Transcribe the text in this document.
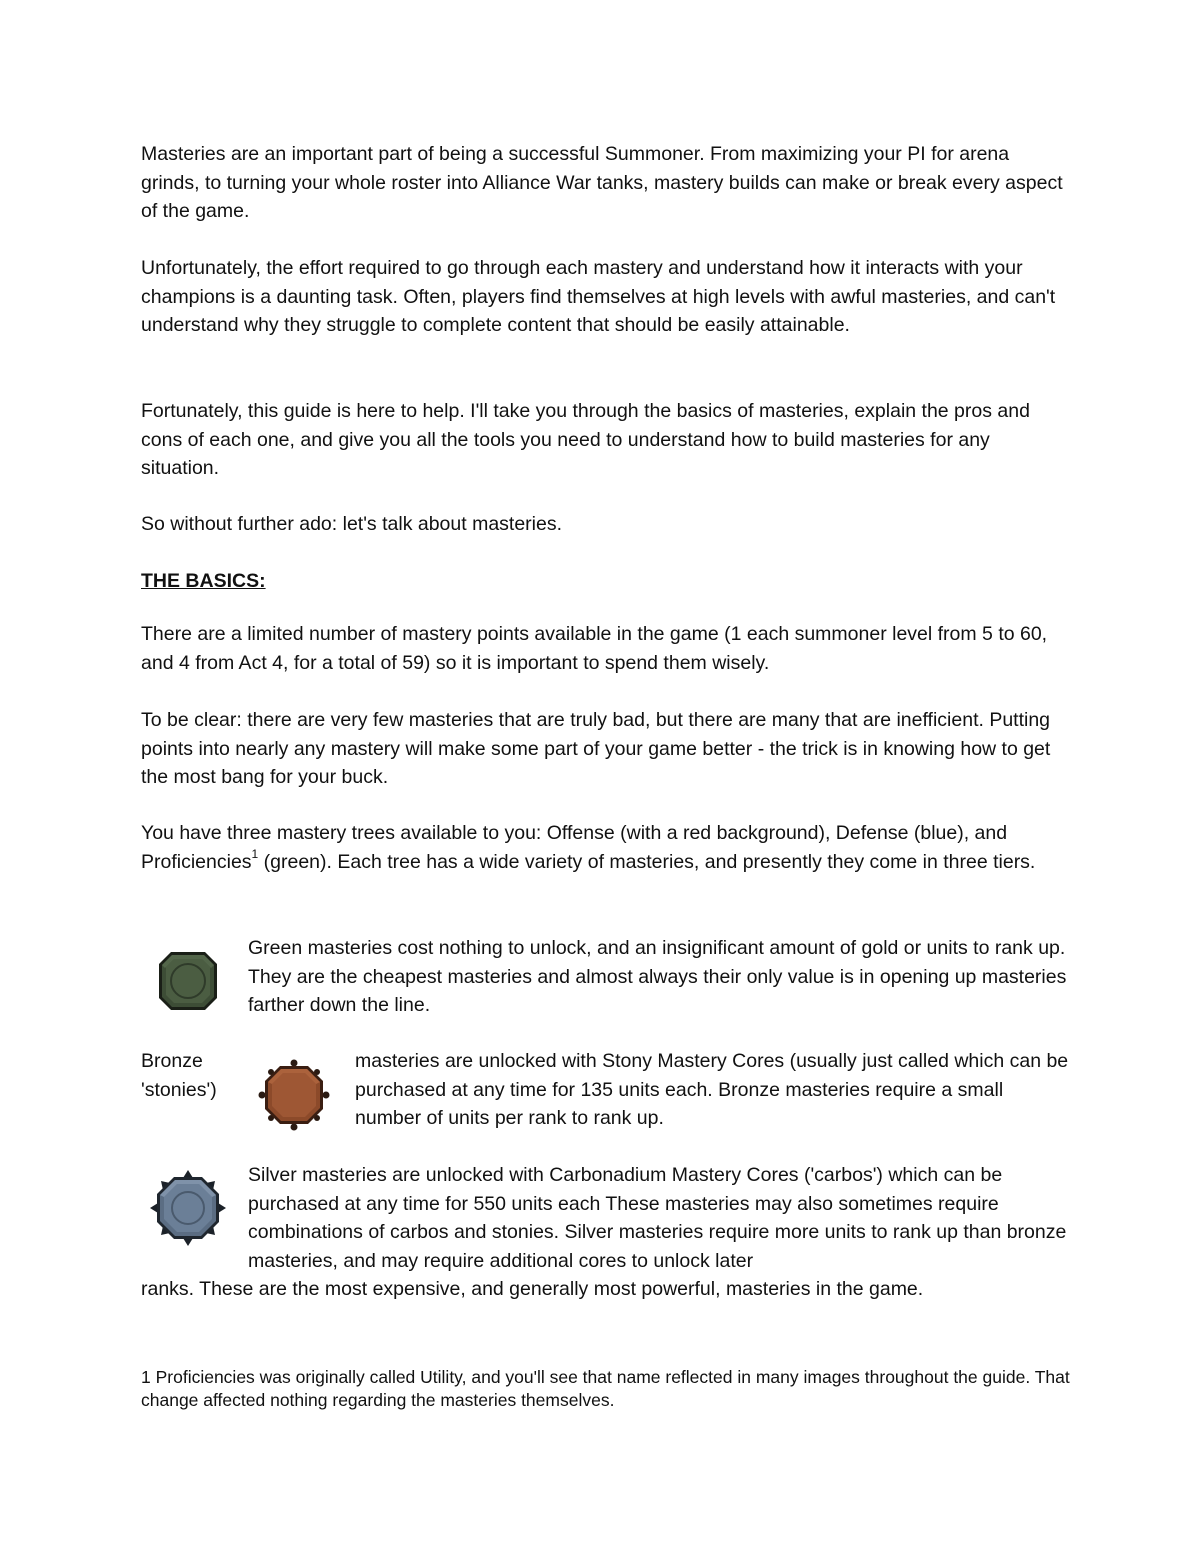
Masteries are an important part of being a successful Summoner. From maximizing your PI for arena grinds, to turning your whole roster into Alliance War tanks, mastery builds can make or break every aspect of the game.

Unfortunately, the effort required to go through each mastery and understand how it interacts with your champions is a daunting task. Often, players find themselves at high levels with awful masteries, and can't understand why they struggle to complete content that should be easily attainable.

Fortunately, this guide is here to help. I'll take you through the basics of masteries, explain the pros and cons of each one, and give you all the tools you need to understand how to build masteries for any situation.

So without further ado: let's talk about masteries.

THE BASICS:

There are a limited number of mastery points available in the game (1 each summoner level from 5 to 60, and 4 from Act 4, for a total of 59) so it is important to spend them wisely.

To be clear: there are very few masteries that are truly bad, but there are many that are inefficient. Putting points into nearly any mastery will make some part of your game better - the trick is in knowing how to get the most bang for your buck.

You have three mastery trees available to you: Offense (with a red background), Defense (blue), and Proficiencies$^1$ (green). Each tree has a wide variety of masteries, and presently they come in three tiers.

Green masteries cost nothing to unlock, and an insignificant amount of gold or units to rank up. They are the cheapest masteries and almost always their only value is in opening up masteries farther down the line.

Bronze
'stonies')

masteries are unlocked with Stony Mastery Cores (usually just called which can be purchased at any time for 135 units each. Bronze masteries require a small number of units per rank to rank up.

Silver masteries are unlocked with Carbonadium Mastery Cores ('carbos') which can be purchased at any time for 550 units each These masteries may also sometimes require combinations of carbos and stonies. Silver masteries require more units to rank up than bronze masteries, and may require additional cores to unlock later

ranks. These are the most expensive, and generally most powerful, masteries in the game.

1 Proficiencies was originally called Utility, and you'll see that name reflected in many images throughout the guide. That change affected nothing regarding the masteries themselves.
